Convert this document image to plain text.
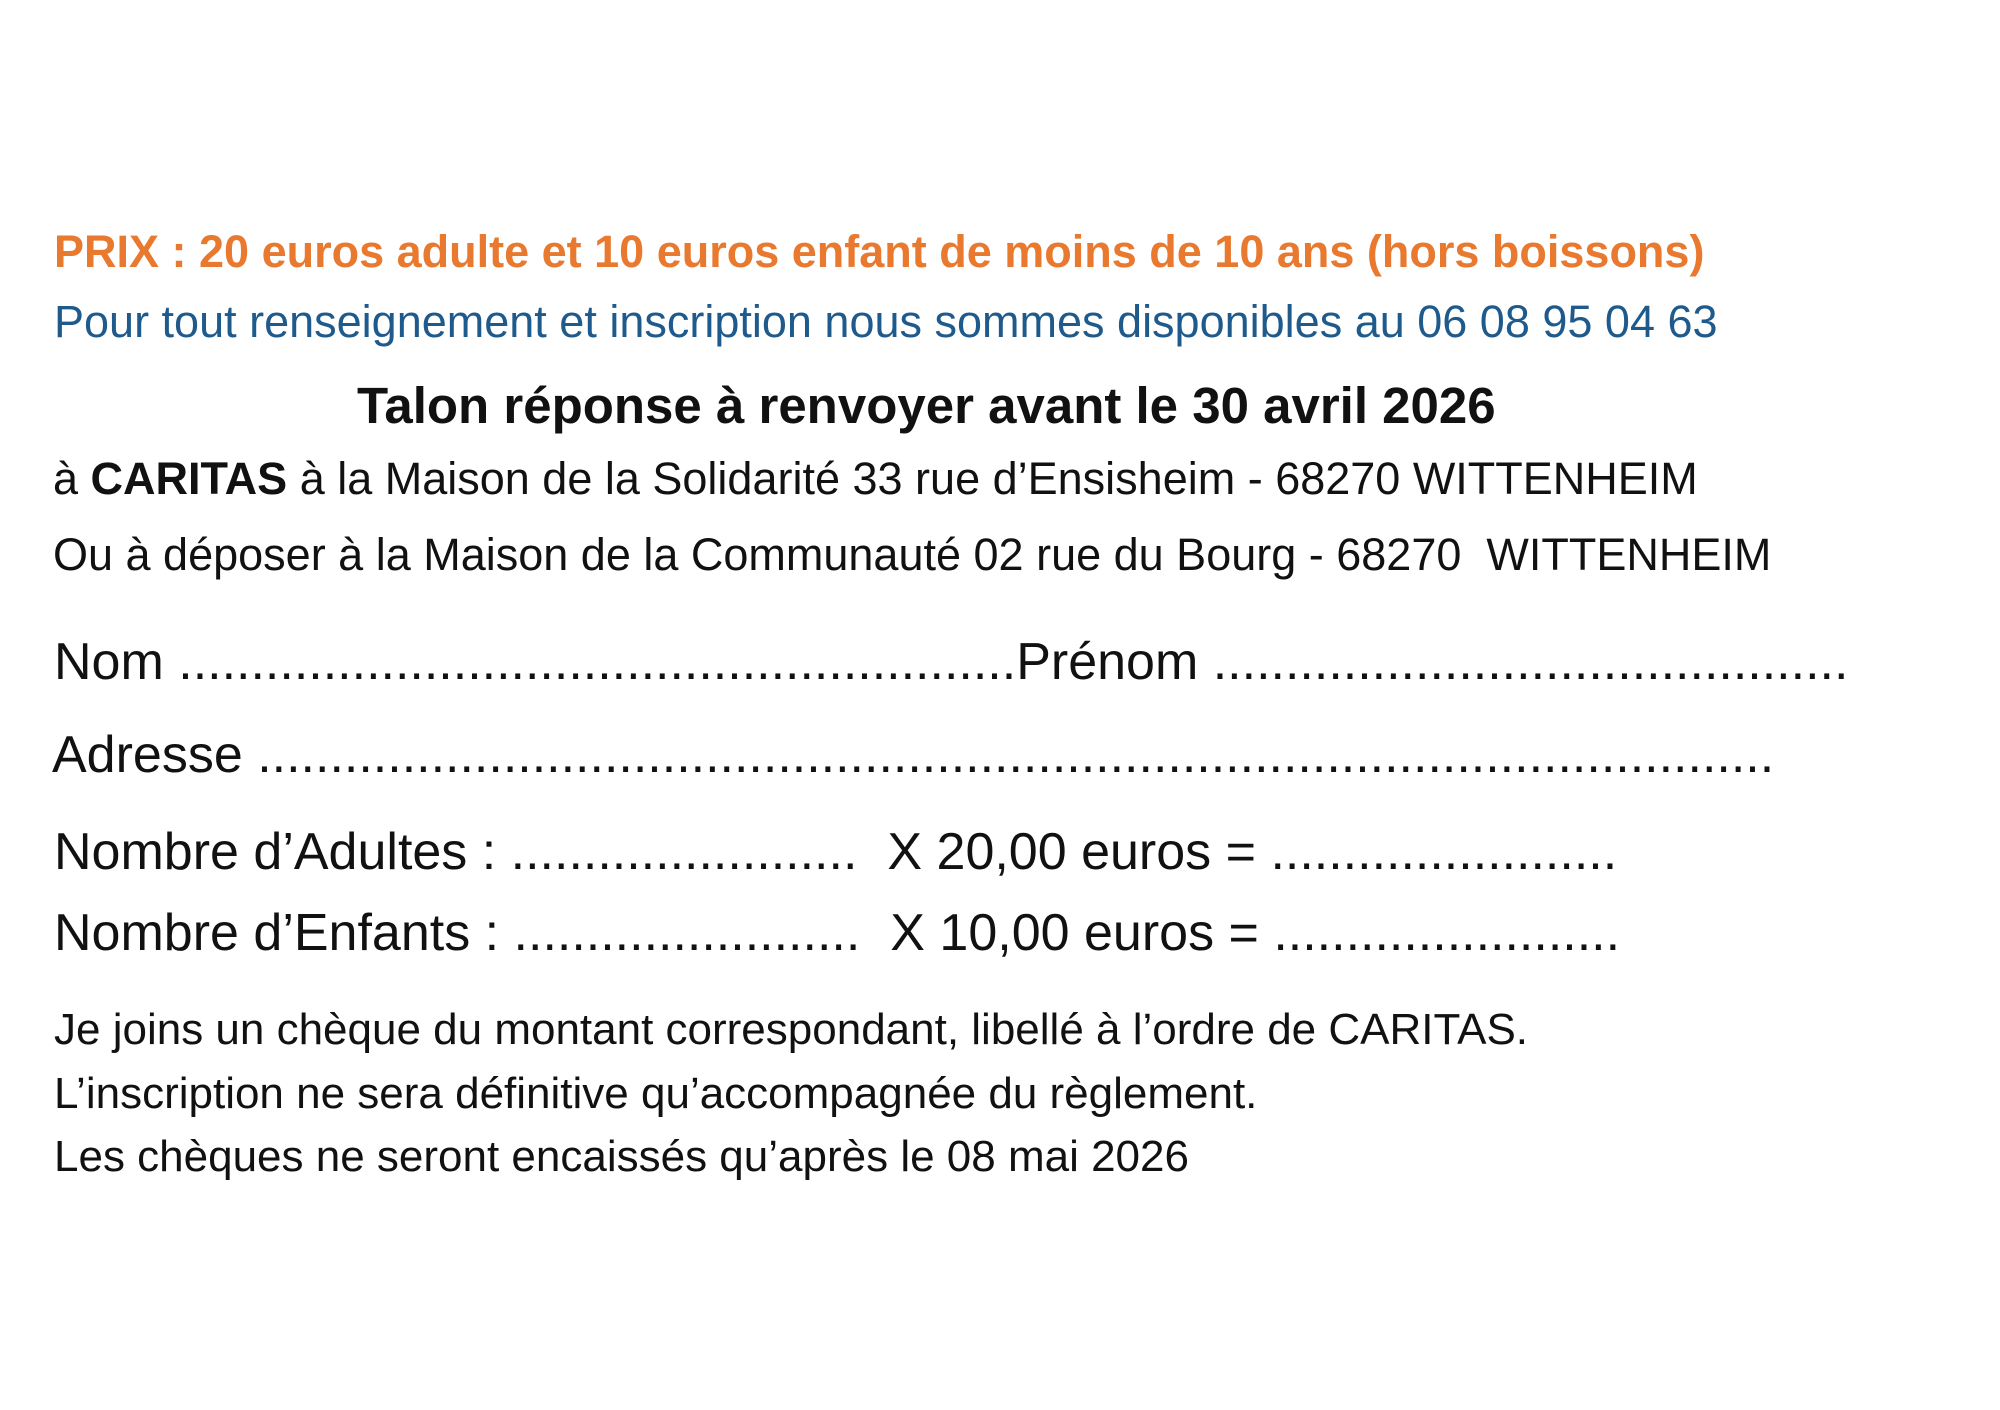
PRIX : 20 euros adulte et 10 euros enfant de moins de 10 ans (hors boissons)
Pour tout renseignement et inscription nous sommes disponibles au 06 08 95 04 63
Talon réponse à renvoyer avant le 30 avril 2026
à CARITAS à la Maison de la Solidarité 33 rue d’Ensisheim - 68270 WITTENHEIM
Ou à déposer à la Maison de la Communauté 02 rue du Bourg - 68270  WITTENHEIM
Nom ..........................................................Prénom ............................................
Adresse .........................................................................................................
Nombre d’Adultes : ........................ X 20,00 euros = ........................
Nombre d’Enfants : ........................ X 10,00 euros = ........................
Je joins un chèque du montant correspondant, libellé à l’ordre de CARITAS.
L’inscription ne sera définitive qu’accompagnée du règlement.
Les chèques ne seront encaissés qu’après le 08 mai 2026
